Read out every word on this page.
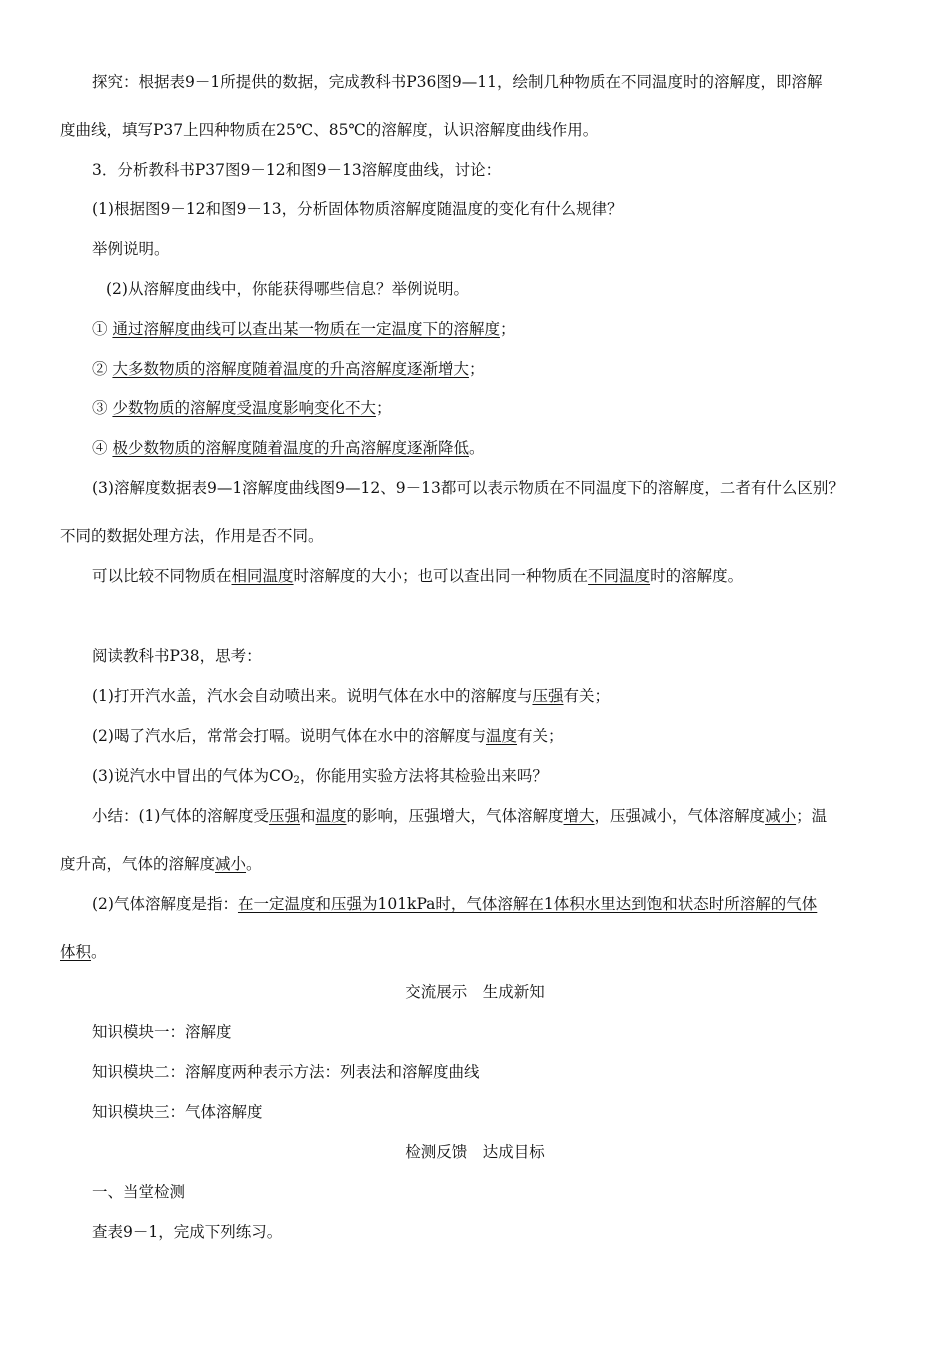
探究：根据表9－1所提供的数据，完成教科书P36图9—11，绘制几种物质在不同温度时的溶解度，即溶解
度曲线，填写P37上四种物质在25℃、85℃的溶解度，认识溶解度曲线作用。
3．分析教科书P37图9－12和图9－13溶解度曲线，讨论：
(1)根据图9－12和图9－13，分析固体物质溶解度随温度的变化有什么规律？
举例说明。
(2)从溶解度曲线中，你能获得哪些信息？举例说明。
① 通过溶解度曲线可以查出某一物质在一定温度下的溶解度；
② 大多数物质的溶解度随着温度的升高溶解度逐渐增大；
③ 少数物质的溶解度受温度影响变化不大；
④ 极少数物质的溶解度随着温度的升高溶解度逐渐降低。
(3)溶解度数据表9—1溶解度曲线图9—12、9－13都可以表示物质在不同温度下的溶解度，二者有什么区别？
不同的数据处理方法，作用是否不同。
可以比较不同物质在相同温度时溶解度的大小；也可以查出同一种物质在不同温度时的溶解度。
阅读教科书P38，思考：
(1)打开汽水盖，汽水会自动喷出来。说明气体在水中的溶解度与压强有关；
(2)喝了汽水后，常常会打嗝。说明气体在水中的溶解度与温度有关；
(3)说汽水中冒出的气体为$CO_2$，你能用实验方法将其检验出来吗？
小结：(1)气体的溶解度受压强和温度的影响，压强增大，气体溶解度增大，压强减小，气体溶解度减小；温
度升高，气体的溶解度减小。
(2)气体溶解度是指：在一定温度和压强为101kPa时，气体溶解在1体积水里达到饱和状态时所溶解的气体
体积。
交流展示　生成新知
知识模块一：溶解度
知识模块二：溶解度两种表示方法：列表法和溶解度曲线
知识模块三：气体溶解度
检测反馈　达成目标
一、当堂检测
查表9－1，完成下列练习。
